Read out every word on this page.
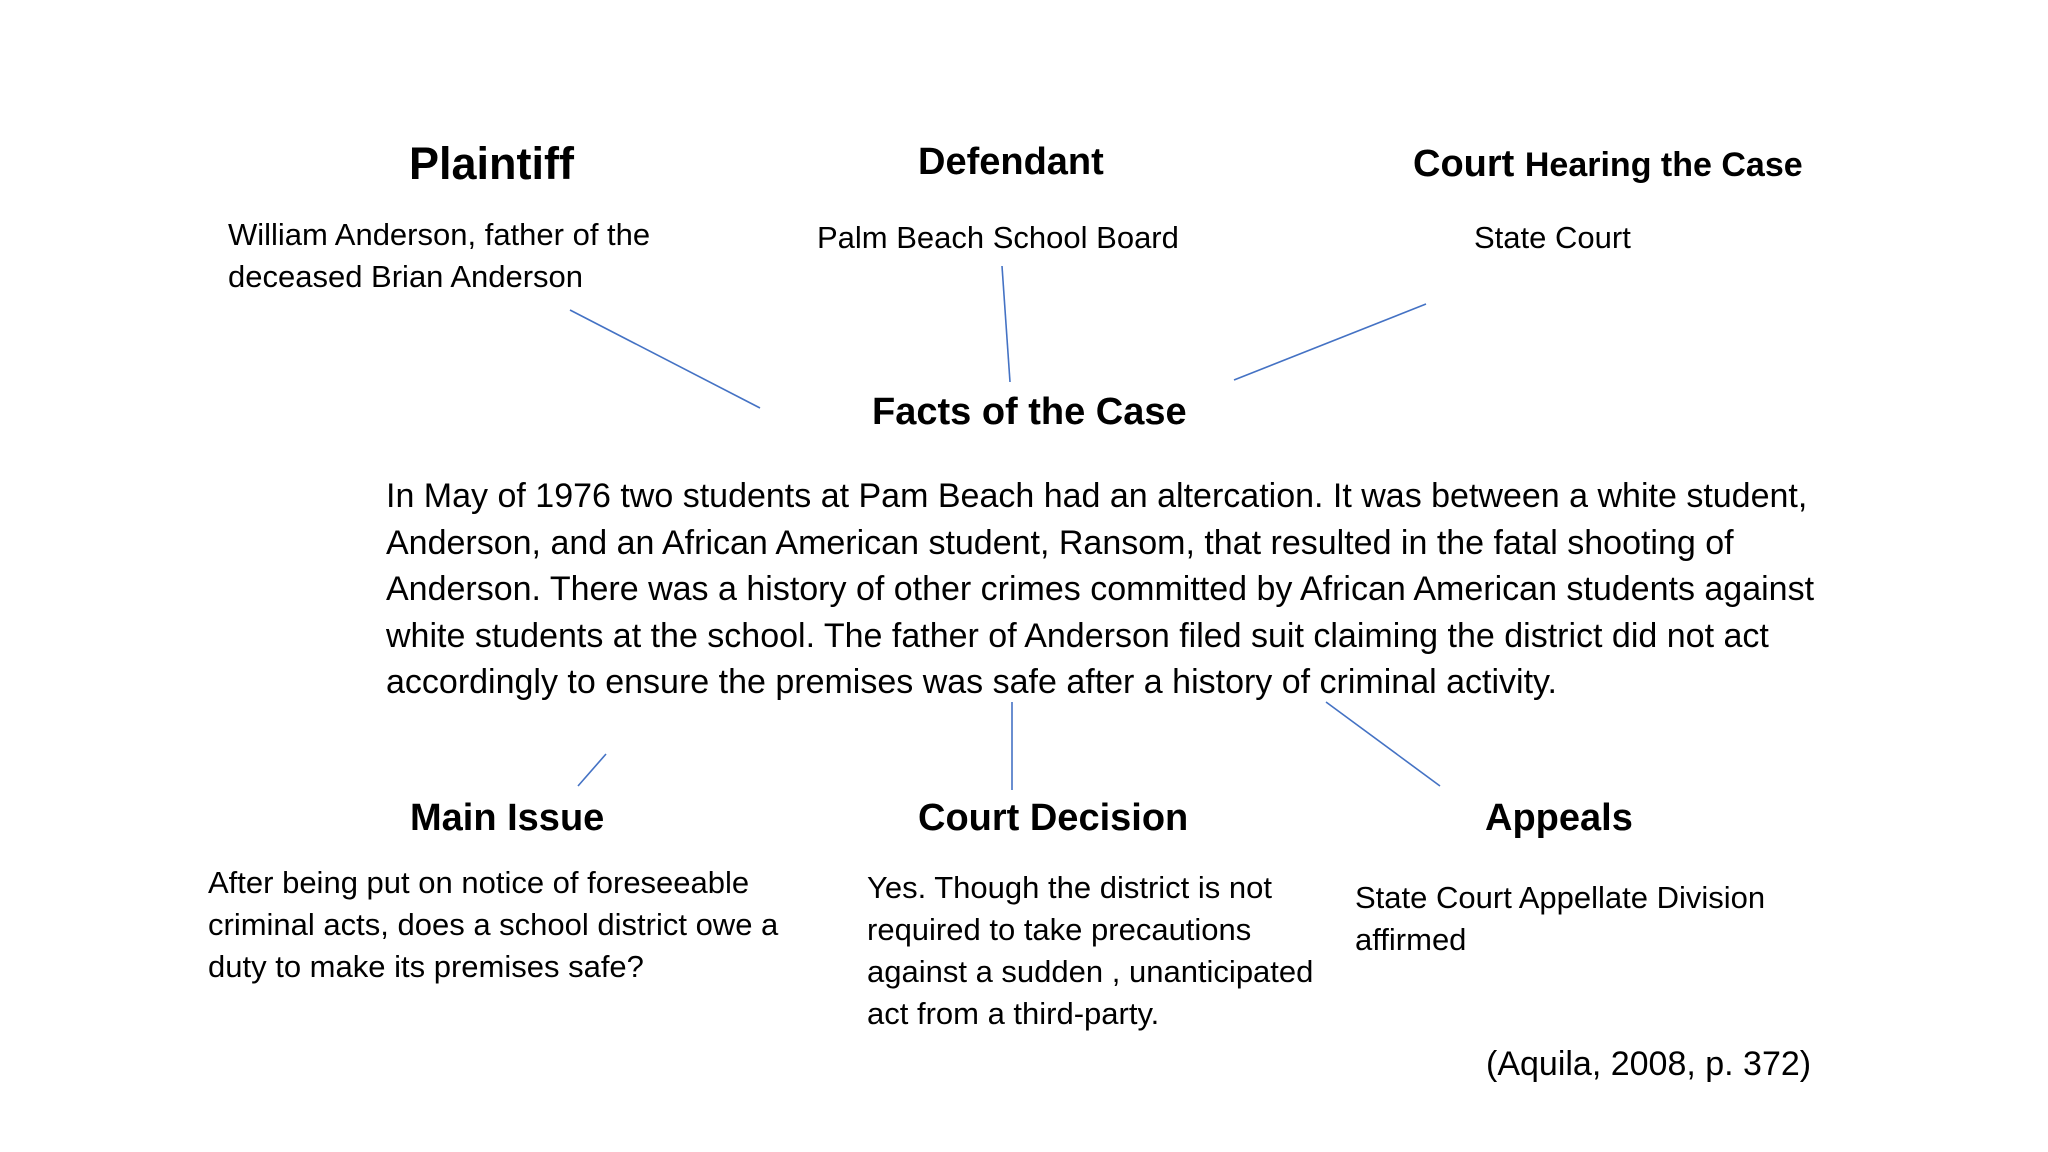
Plaintiff
William Anderson, father of the deceased Brian Anderson
Defendant
Palm Beach School Board
Court Hearing the Case
State Court
Facts of the Case
In May of 1976 two students at Pam Beach had an altercation. It was between a white student, Anderson, and an African American student, Ransom, that resulted in the fatal shooting of Anderson. There was a history of other crimes committed by African American students against white students at the school. The father of Anderson filed suit claiming the district did not act accordingly to ensure the premises was safe after a history of criminal activity.
Main Issue
After being put on notice of foreseeable criminal acts, does a school district owe a duty to make its premises safe?
Court Decision
Yes. Though the district is not required to take precautions against a sudden , unanticipated act from a third-party.
Appeals
State Court Appellate Division affirmed
(Aquila, 2008, p. 372)
